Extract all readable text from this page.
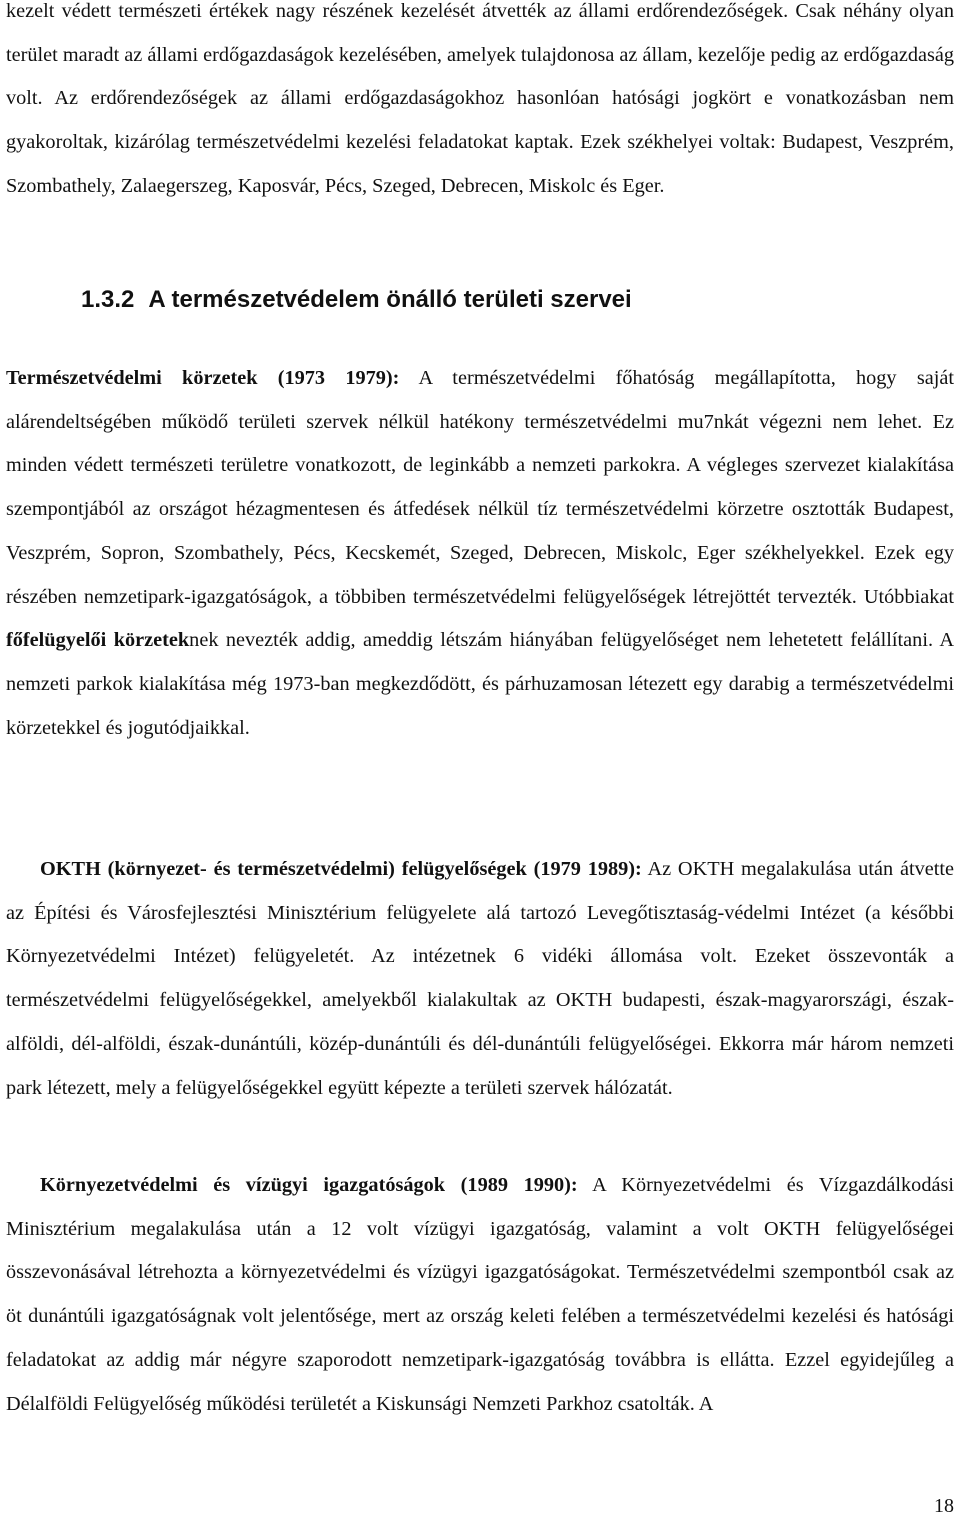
kezelt védett természeti értékek nagy részének kezelését átvették az állami erdőrendezőségek. Csak néhány olyan terület maradt az állami erdőgazdaságok kezelésében, amelyek tulajdonosa az állam, kezelője pedig az erdőgazdaság volt. Az erdőrendezőségek az állami erdőgazdaságokhoz hasonlóan hatósági jogkört e vonatkozásban nem gyakoroltak, kizárólag természetvédelmi kezelési feladatokat kaptak. Ezek székhelyei voltak: Budapest, Veszprém, Szombathely, Zalaegerszeg, Kaposvár, Pécs, Szeged, Debrecen, Miskolc és Eger.

1.3.2 A természetvédelem önálló területi szervei

Természetvédelmi körzetek (1973 1979): A természetvédelmi főhatóság megállapította, hogy saját alárendeltségében működő területi szervek nélkül hatékony természetvédelmi mu7nkát végezni nem lehet. Ez minden védett természeti területre vonatkozott, de leginkább a nemzeti parkokra. A végleges szervezet kialakítása szempontjából az országot hézagmentesen és átfedések nélkül tíz természetvédelmi körzetre osztották Budapest, Veszprém, Sopron, Szombathely, Pécs, Kecskemét, Szeged, Debrecen, Miskolc, Eger székhelyekkel. Ezek egy részében nemzetipark-igazgatóságok, a többiben természetvédelmi felügyelőségek létrejöttét tervezték. Utóbbiakat főfelügyelői körzeteknek nevezték addig, ameddig létszám hiányában felügyelőséget nem lehetetett felállítani. A nemzeti parkok kialakítása még 1973-ban megkezdődött, és párhuzamosan létezett egy darabig a természetvédelmi körzetekkel és jogutódjaikkal.

OKTH (környezet- és természetvédelmi) felügyelőségek (1979 1989): Az OKTH megalakulása után átvette az Építési és Városfejlesztési Minisztérium felügyelete alá tartozó Levegőtisztaság-védelmi Intézet (a későbbi Környezetvédelmi Intézet) felügyeletét. Az intézetnek 6 vidéki állomása volt. Ezeket összevonták a természetvédelmi felügyelőségekkel, amelyekből kialakultak az OKTH budapesti, észak-magyarországi, észak-alföldi, dél-alföldi, észak-dunántúli, közép-dunántúli és dél-dunántúli felügyelőségei. Ekkorra már három nemzeti park létezett, mely a felügyelőségekkel együtt képezte a területi szervek hálózatát.

Környezetvédelmi és vízügyi igazgatóságok (1989 1990): A Környezetvédelmi és Vízgazdálkodási Minisztérium megalakulása után a 12 volt vízügyi igazgatóság, valamint a volt OKTH felügyelőségei összevonásával létrehozta a környezetvédelmi és vízügyi igazgatóságokat. Természetvédelmi szempontból csak az öt dunántúli igazgatóságnak volt jelentősége, mert az ország keleti felében a természetvédelmi kezelési és hatósági feladatokat az addig már négyre szaporodott nemzetipark-igazgatóság továbbra is ellátta. Ezzel egyidejűleg a Délalföldi Felügyelőség működési területét a Kiskunsági Nemzeti Parkhoz csatolták. A

18
